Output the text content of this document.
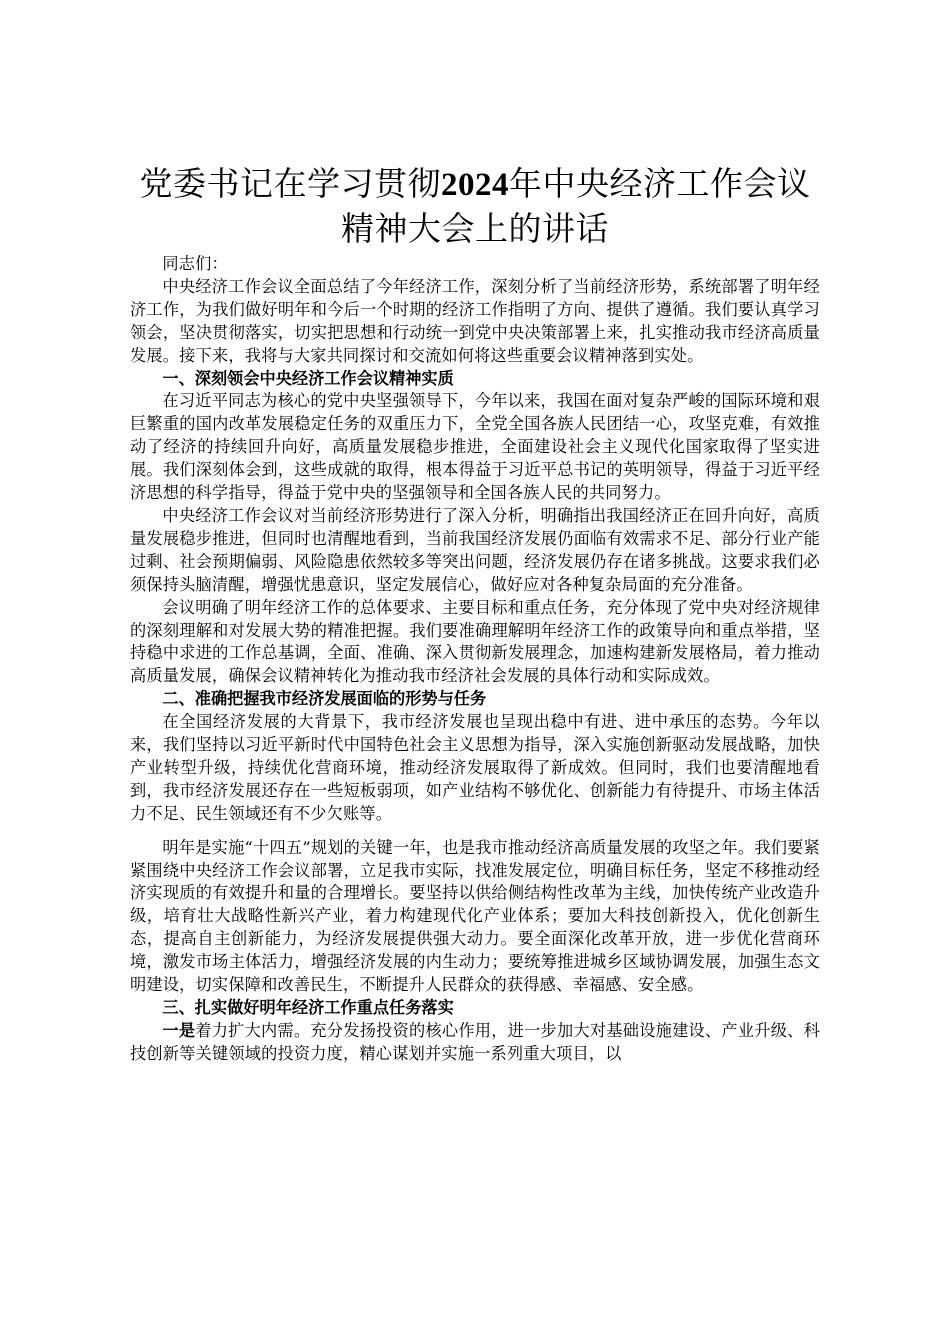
党委书记在学习贯彻2024年中央经济工作会议精神大会上的讲话

同志们：

中央经济工作会议全面总结了今年经济工作，深刻分析了当前经济形势，系统部署了明年经济工作，为我们做好明年和今后一个时期的经济工作指明了方向、提供了遵循。我们要认真学习领会，坚决贯彻落实，切实把思想和行动统一到党中央决策部署上来，扎实推动我市经济高质量发展。接下来，我将与大家共同探讨和交流如何将这些重要会议精神落到实处。

一、深刻领会中央经济工作会议精神实质

在习近平同志为核心的党中央坚强领导下，今年以来，我国在面对复杂严峻的国际环境和艰巨繁重的国内改革发展稳定任务的双重压力下，全党全国各族人民团结一心，攻坚克难，有效推动了经济的持续回升向好，高质量发展稳步推进，全面建设社会主义现代化国家取得了坚实进展。我们深刻体会到，这些成就的取得，根本得益于习近平总书记的英明领导，得益于习近平经济思想的科学指导，得益于党中央的坚强领导和全国各族人民的共同努力。

中央经济工作会议对当前经济形势进行了深入分析，明确指出我国经济正在回升向好，高质量发展稳步推进，但同时也清醒地看到，当前我国经济发展仍面临有效需求不足、部分行业产能过剩、社会预期偏弱、风险隐患依然较多等突出问题，经济发展仍存在诸多挑战。这要求我们必须保持头脑清醒，增强忧患意识，坚定发展信心，做好应对各种复杂局面的充分准备。

会议明确了明年经济工作的总体要求、主要目标和重点任务，充分体现了党中央对经济规律的深刻理解和对发展大势的精准把握。我们要准确理解明年经济工作的政策导向和重点举措，坚持稳中求进的工作总基调，全面、准确、深入贯彻新发展理念，加速构建新发展格局，着力推动高质量发展，确保会议精神转化为推动我市经济社会发展的具体行动和实际成效。

二、准确把握我市经济发展面临的形势与任务

在全国经济发展的大背景下，我市经济发展也呈现出稳中有进、进中承压的态势。今年以来，我们坚持以习近平新时代中国特色社会主义思想为指导，深入实施创新驱动发展战略，加快产业转型升级，持续优化营商环境，推动经济发展取得了新成效。但同时，我们也要清醒地看到，我市经济发展还存在一些短板弱项，如产业结构不够优化、创新能力有待提升、市场主体活力不足、民生领域还有不少欠账等。

明年是实施“十四五”规划的关键一年，也是我市推动经济高质量发展的攻坚之年。我们要紧紧围绕中央经济工作会议部署，立足我市实际，找准发展定位，明确目标任务，坚定不移推动经济实现质的有效提升和量的合理增长。要坚持以供给侧结构性改革为主线，加快传统产业改造升级，培育壮大战略性新兴产业，着力构建现代化产业体系；要加大科技创新投入，优化创新生态，提高自主创新能力，为经济发展提供强大动力。要全面深化改革开放，进一步优化营商环境，激发市场主体活力，增强经济发展的内生动力；要统筹推进城乡区域协调发展，加强生态文明建设，切实保障和改善民生，不断提升人民群众的获得感、幸福感、安全感。

三、扎实做好明年经济工作重点任务落实

一是着力扩大内需。充分发扬投资的核心作用，进一步加大对基础设施建设、产业升级、科技创新等关键领域的投资力度，精心谋划并实施一系列重大项目，以
